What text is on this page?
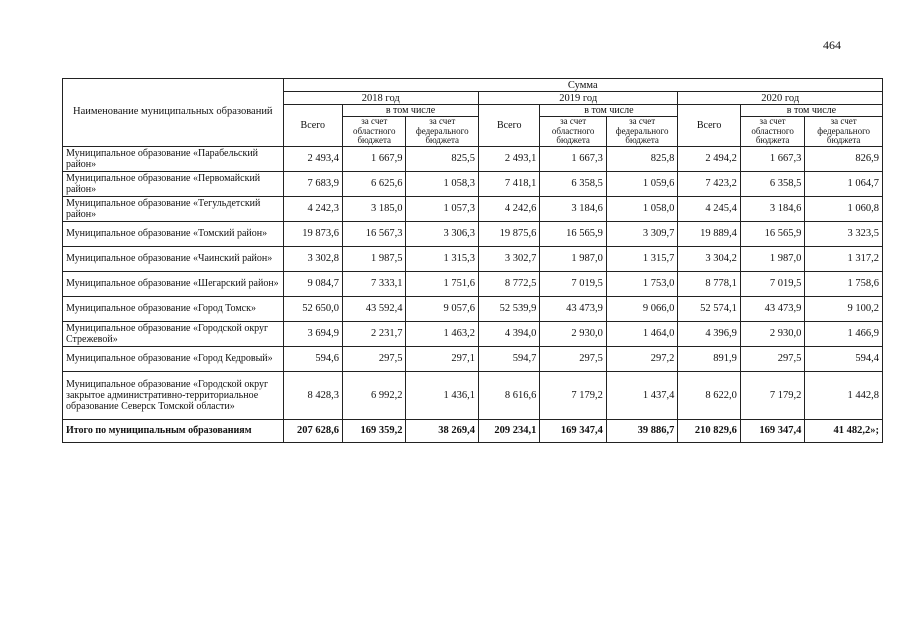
464
Наименование муниципальных образований	Сумма								
	2018 год			2019 год			2020 год		
	Всего	в том числе		Всего	в том числе		Всего	в том числе	
		за счет областного бюджета	за счет федерального бюджета		за счет областного бюджета	за счет федерального бюджета		за счет областного бюджета	за счет федерального бюджета
Муниципальное образование «Парабельский район»	2 493,4	1 667,9	825,5	2 493,1	1 667,3	825,8	2 494,2	1 667,3	826,9
Муниципальное образование «Первомайский район»	7 683,9	6 625,6	1 058,3	7 418,1	6 358,5	1 059,6	7 423,2	6 358,5	1 064,7
Муниципальное образование «Тегульдетский район»	4 242,3	3 185,0	1 057,3	4 242,6	3 184,6	1 058,0	4 245,4	3 184,6	1 060,8
Муниципальное образование «Томский район»	19 873,6	16 567,3	3 306,3	19 875,6	16 565,9	3 309,7	19 889,4	16 565,9	3 323,5
Муниципальное образование «Чаинский район»	3 302,8	1 987,5	1 315,3	3 302,7	1 987,0	1 315,7	3 304,2	1 987,0	1 317,2
Муниципальное образование «Шегарский район»	9 084,7	7 333,1	1 751,6	8 772,5	7 019,5	1 753,0	8 778,1	7 019,5	1 758,6
Муниципальное образование «Город Томск»	52 650,0	43 592,4	9 057,6	52 539,9	43 473,9	9 066,0	52 574,1	43 473,9	9 100,2
Муниципальное образование «Городской округ Стрежевой»	3 694,9	2 231,7	1 463,2	4 394,0	2 930,0	1 464,0	4 396,9	2 930,0	1 466,9
Муниципальное образование «Город Кедровый»	594,6	297,5	297,1	594,7	297,5	297,2	891,9	297,5	594,4
Муниципальное образование «Городской округ закрытое административно-территориальное образование Северск Томской области»	8 428,3	6 992,2	1 436,1	8 616,6	7 179,2	1 437,4	8 622,0	7 179,2	1 442,8
Итого по муниципальным образованиям	207 628,6	169 359,2	38 269,4	209 234,1	169 347,4	39 886,7	210 829,6	169 347,4	41 482,2»;
